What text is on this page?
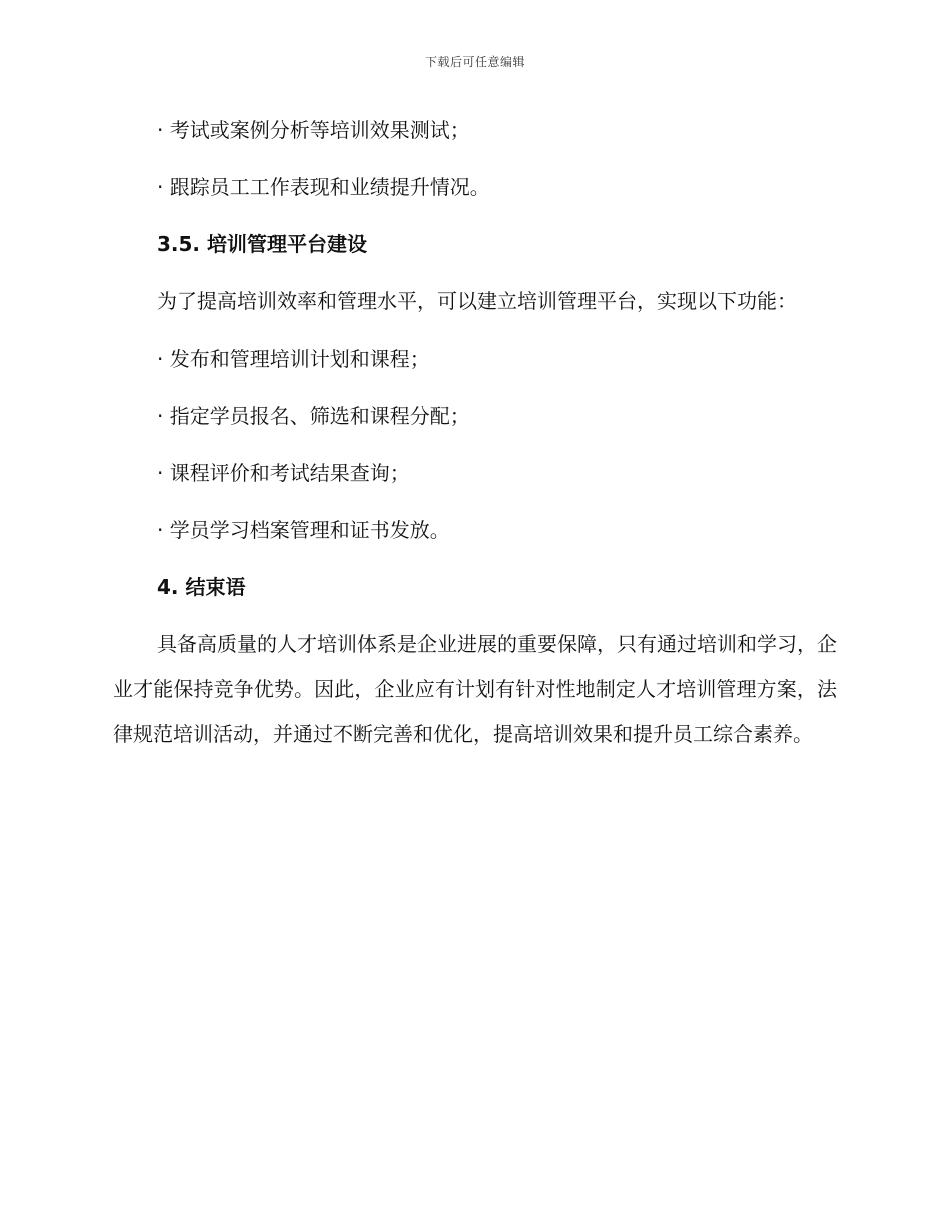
下载后可任意编辑
· 考试或案例分析等培训效果测试；
· 跟踪员工工作表现和业绩提升情况。
3.5. 培训管理平台建设
为了提高培训效率和管理水平，可以建立培训管理平台，实现以下功能：
· 发布和管理培训计划和课程；
· 指定学员报名、筛选和课程分配；
· 课程评价和考试结果查询；
· 学员学习档案管理和证书发放。
4. 结束语
具备高质量的人才培训体系是企业进展的重要保障，只有通过培训和学习，企业才能保持竞争优势。因此，企业应有计划有针对性地制定人才培训管理方案，法律规范培训活动，并通过不断完善和优化，提高培训效果和提升员工综合素养。
